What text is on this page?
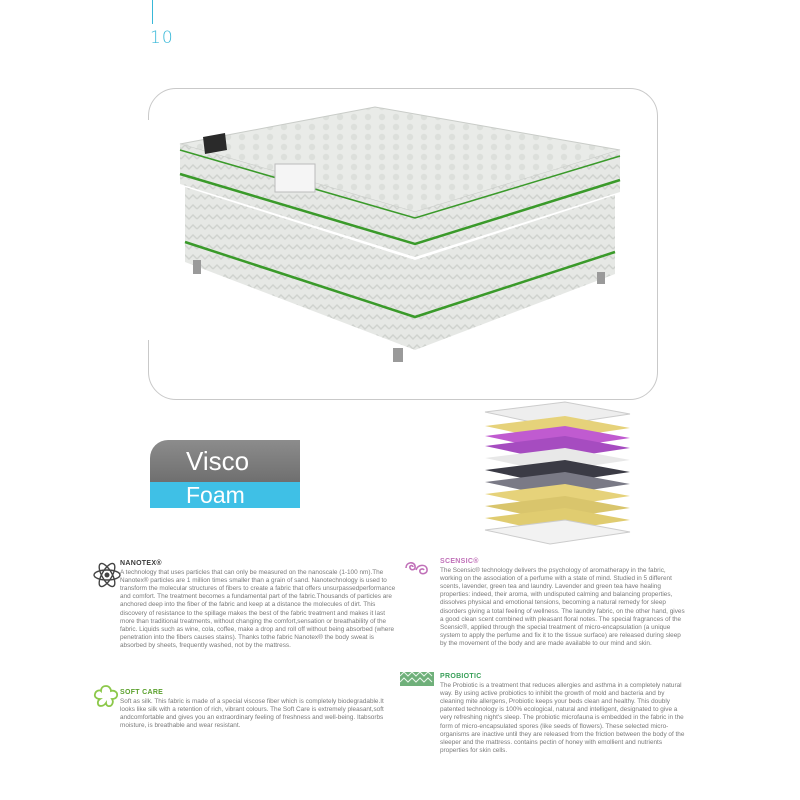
10
Visco
Foam
NANOTEX®

A technology that uses particles that can only be measured on the nanoscale (1-100 nm).The Nanotex® particles are 1 million times smaller than a grain of sand. Nanotechnology is used to transform the molecular structures of fibers to create a fabric that offers unsurpassedperformance and comfort. The treatment becomes a fundamental part of the fabric.Thousands of particles are anchored deep into the fiber of the fabric and keep at a distance the molecules of dirt. This discovery of resistance to the spillage makes the best of the fabric treatment and makes it last more than traditional treatments, without changing the comfort,sensation or breathability of the fabric. Liquids such as wine, cola, coffee, make a drop and roll off without being absorbed (where penetration into the fibers causes stains). Thanks tothe fabric Nanotex® the body sweat is absorbed by sheets, frequently washed, not by the mattress.

SOFT CARE

Soft as silk. This fabric is made of a special viscose fiber which is completely biodegradable.It looks like silk with a retention of rich, vibrant colours. The Soft Care is extremely pleasant,soft andcomfortable and gives you an extraordinary feeling of freshness and well-being. Itabsorbs moisture, is breathable and wear resistant.

SCENSIC®

The Scensic® technology delivers the psychology of aromatherapy in the fabric, working on the association of a perfume with a state of mind. Studied in 5 different scents, lavender, green tea and laundry. Lavender and green tea have healing properties: indeed, their aroma, with undisputed calming and balancing properties, dissolves physical and emotional tensions, becoming a natural remedy for sleep disorders giving a total feeling of wellness. The laundry fabric, on the other hand, gives a good clean scent combined with pleasant floral notes. The special fragrances of the Scensic®, applied through the special treatment of micro-encapsulation (a unique system to apply the perfume and fix it to the tissue surface) are released during sleep by the movement of the body and are made available to our mind and skin.

PROBIOTIC

The Probiotic is a treatment that reduces allergies and asthma in a completely natural way. By using active probiotics to inhibit the growth of mold and bacteria and by cleaning mite allergens, Probiotic keeps your beds clean and healthy. This doubly patented technology is 100% ecological, natural and intelligent, designated to give a very refreshing night's sleep. The probiotic microfauna is embedded in the fabric in the form of micro-encapsulated spores (like seeds of flowers). These selected micro-organisms are inactive until they are released from the friction between the body of the sleeper and the mattress. contains pectin of honey with emollient and nutrients properties for skin cells.
